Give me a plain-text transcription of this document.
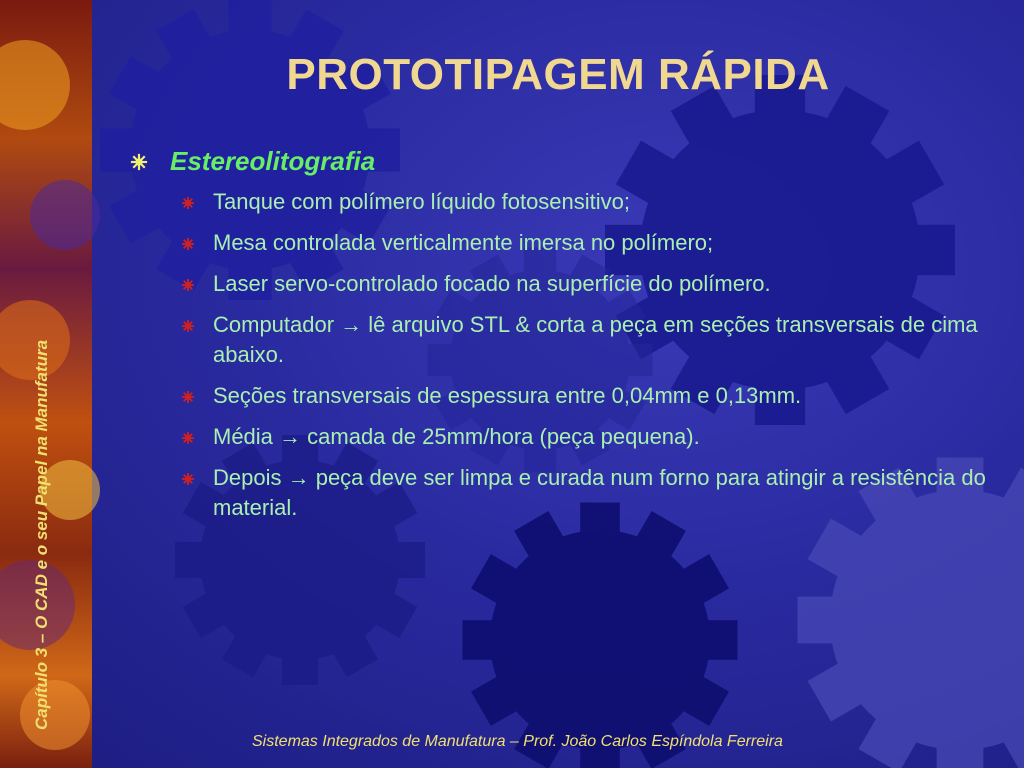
Capítulo 3 – O CAD e o seu Papel na Manufatura
PROTOTIPAGEM RÁPIDA
Estereolitografia
Tanque com polímero líquido fotosensitivo;
Mesa controlada verticalmente imersa no polímero;
Laser servo-controlado focado na superfície do polímero.
Computador → lê arquivo STL & corta a peça em seções transversais de cima abaixo.
Seções transversais de espessura entre 0,04mm e 0,13mm.
Média → camada de 25mm/hora (peça pequena).
Depois → peça deve ser limpa e curada num forno para atingir a resistência do material.
Sistemas Integrados de Manufatura – Prof. João Carlos Espíndola Ferreira
